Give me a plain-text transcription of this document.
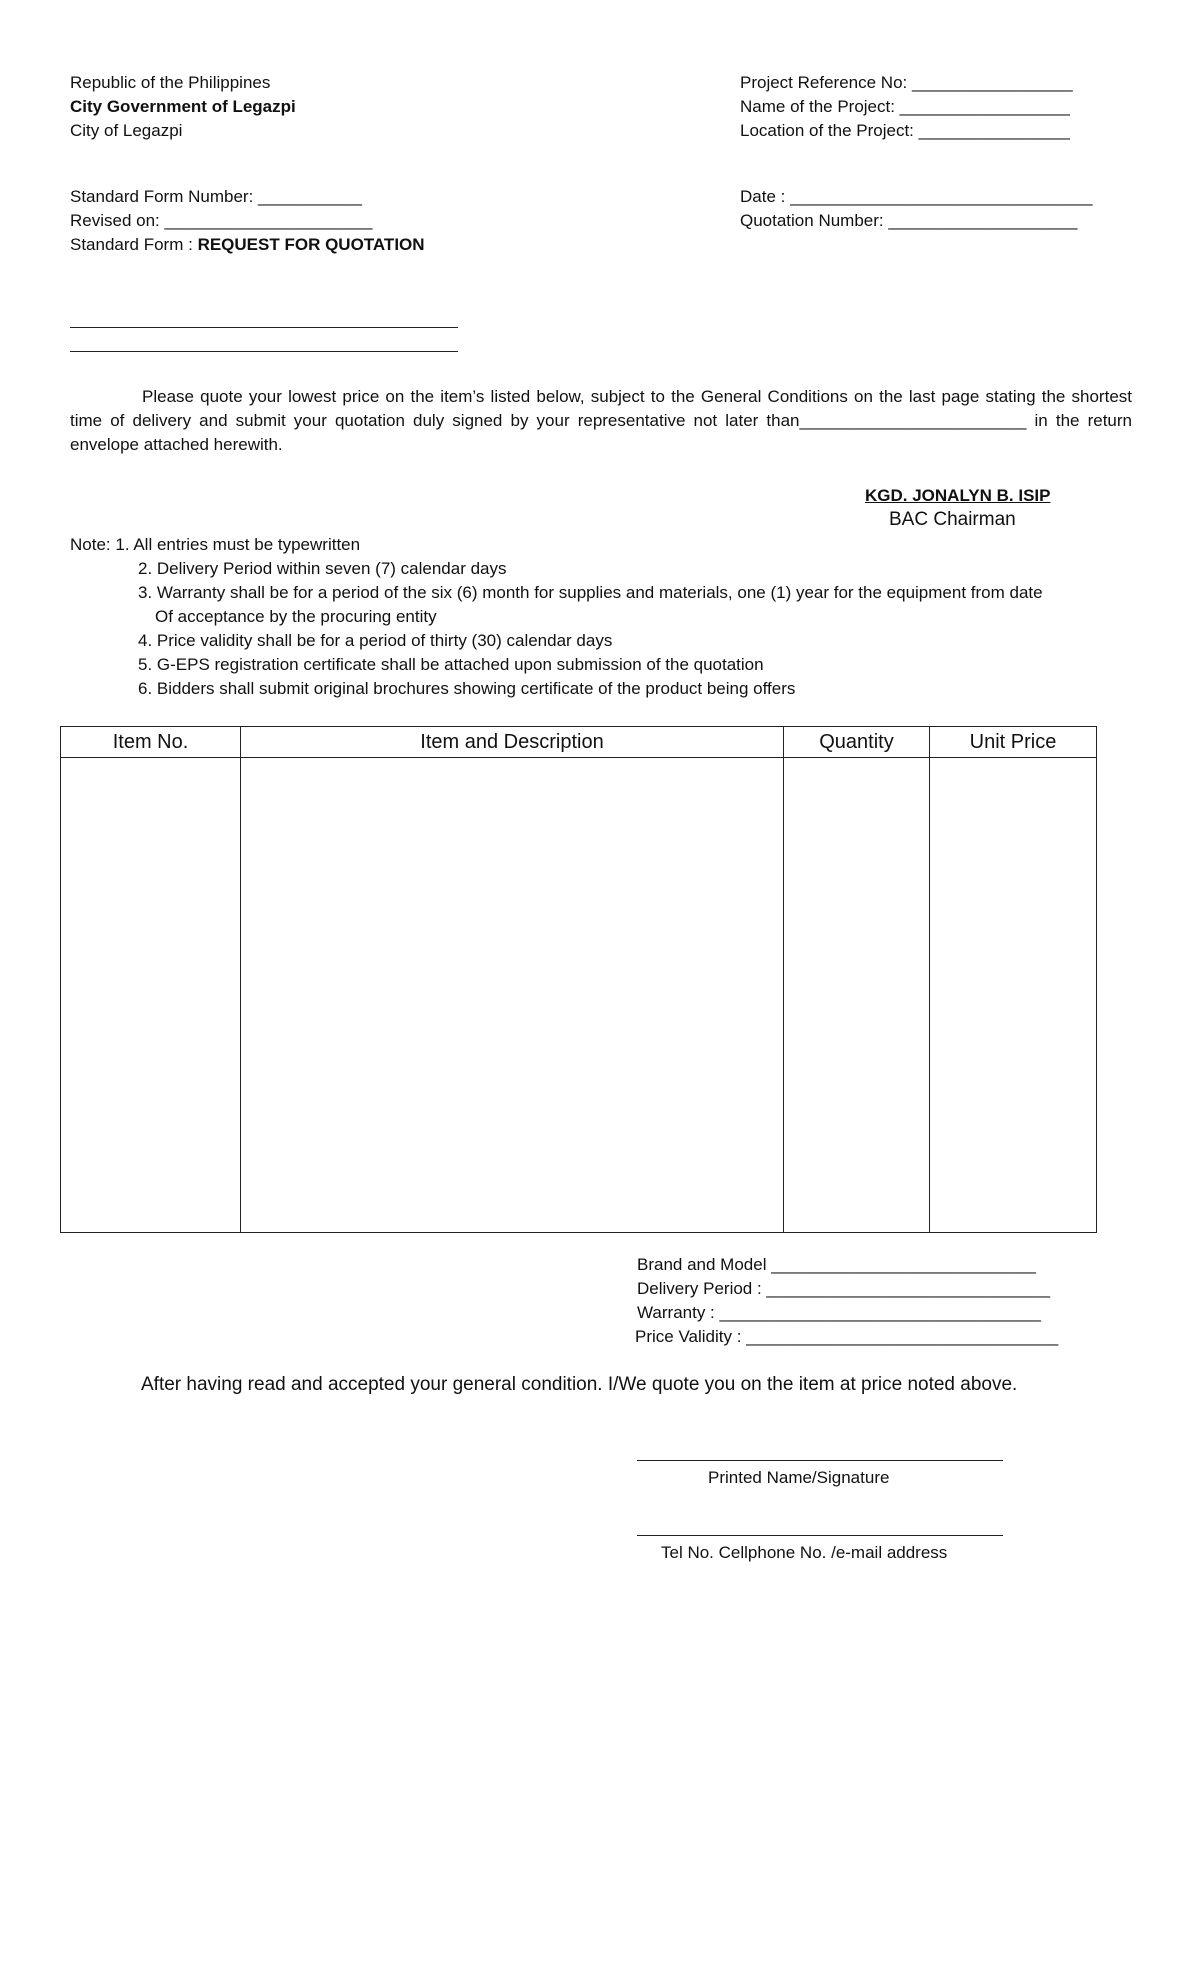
Republic of the Philippines
City Government of Legazpi
City of Legazpi
Project Reference No: _________________
Name of the Project: __________________
Location of the Project: ________________
Standard Form Number: ___________
Revised on: ______________________
Standard Form : REQUEST FOR QUOTATION
Date : ________________________________
Quotation Number: ____________________
Please quote your lowest price on the item’s listed below, subject to the General Conditions on the last page stating the shortest time of delivery and submit your quotation duly signed by your representative not later than________________________ in the return envelope attached herewith.
KGD. JONALYN B. ISIP
BAC Chairman
Note: 1. All entries must be typewritten
2. Delivery Period within seven (7) calendar days
3. Warranty shall be for a period of the six (6) month for supplies and materials, one (1) year for the equipment from date
Of acceptance by the procuring entity
4. Price validity shall be for a period of thirty (30) calendar days
5. G-EPS registration certificate shall be attached upon submission of the quotation
6. Bidders shall submit original brochures showing certificate of the product being offers
Item No.	Item and Description	Quantity	Unit Price

Brand and Model ____________________________
Delivery Period : ______________________________
Warranty : __________________________________
Price Validity : _________________________________
After having read and accepted your general condition. I/We quote you on the item at price noted above.
Printed Name/Signature
Tel No. Cellphone No. /e-mail address
